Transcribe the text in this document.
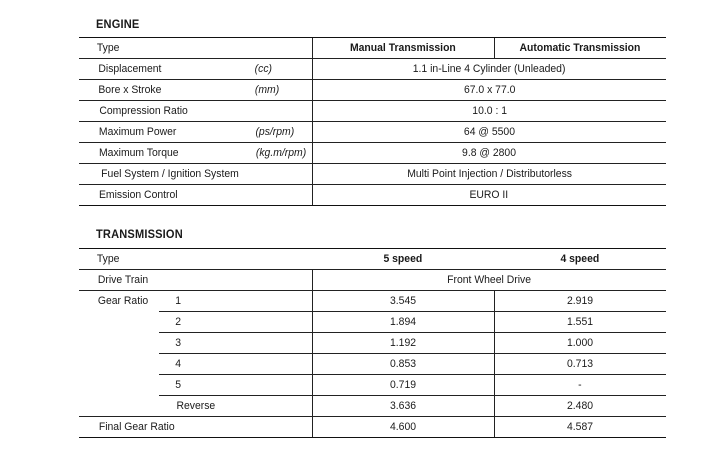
ENGINE
Type		Manual Transmission	Automatic Transmission
Displacement	(cc)	1.1 in-Line 4 Cylinder (Unleaded)	
Bore x Stroke	(mm)	67.0 x 77.0	
Compression Ratio		10.0 : 1	
Maximum Power	(ps/rpm)	64 @ 5500	
Maximum Torque	(kg.m/rpm)	9.8 @ 2800	
Fuel System / Ignition System		Multi Point Injection / Distributorless	
Emission Control		EURO II	
TRANSMISSION
Type		5 speed	4 speed
Drive Train		Front Wheel Drive	
Gear Ratio	1	3.545	2.919
	2	1.894	1.551
	3	1.192	1.000
	4	0.853	0.713
	5	0.719	-
	Reverse	3.636	2.480
Final Gear Ratio		4.600	4.587
